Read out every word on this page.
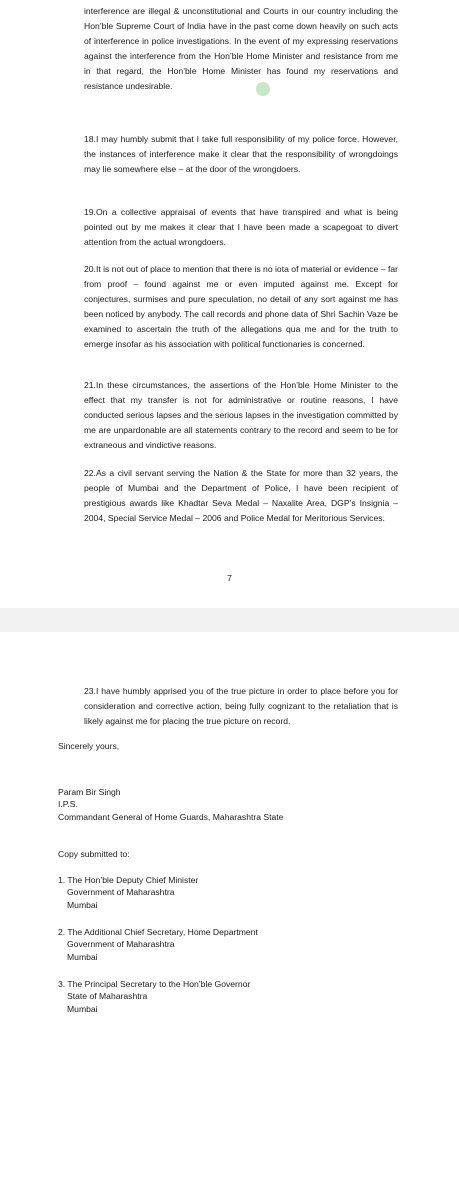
interference are illegal & unconstitutional and Courts in our country including the Hon’ble Supreme Court of India have in the past come down heavily on such acts of interference in police investigations. In the event of my expressing reservations against the interference from the Hon’ble Home Minister and resistance from me in that regard, the Hon’ble Home Minister has found my reservations and resistance undesirable.

18.I may humbly submit that I take full responsibility of my police force. However, the instances of interference make it clear that the responsibility of wrongdoings may lie somewhere else – at the door of the wrongdoers.

19.On a collective appraisal of events that have transpired and what is being pointed out by me makes it clear that I have been made a scapegoat to divert attention from the actual wrongdoers.

20.It is not out of place to mention that there is no iota of material or evidence – far from proof – found against me or even imputed against me. Except for conjectures, surmises and pure speculation, no detail of any sort against me has been noticed by anybody. The call records and phone data of Shri Sachin Vaze be examined to ascertain the truth of the allegations qua me and for the truth to emerge insofar as his association with political functionaries is concerned.

21.In these circumstances, the assertions of the Hon’ble Home Minister to the effect that my transfer is not for administrative or routine reasons, I have conducted serious lapses and the serious lapses in the investigation committed by me are unpardonable are all statements contrary to the record and seem to be for extraneous and vindictive reasons.

22.As a civil servant serving the Nation & the State for more than 32 years, the people of Mumbai and the Department of Police, I have been recipient of prestigious awards like Khadtar Seva Medal – Naxalite Area, DGP’s Insignia – 2004, Special Service Medal – 2006 and Police Medal for Meritorious Services.

7

23.I have humbly apprised you of the true picture in order to place before you for consideration and corrective action, being fully cognizant to the retaliation that is likely against me for placing the true picture on record.

Sincerely yours,

Param Bir Singh
I.P.S.
Commandant General of Home Guards, Maharashtra State

Copy submitted to:

1. The Hon’ble Deputy Chief Minister
Government of Maharashtra
Mumbai
2. The Additional Chief Secretary, Home Department
Government of Maharashtra
Mumbai
3. The Principal Secretary to the Hon’ble Governor
State of Maharashtra
Mumbai
